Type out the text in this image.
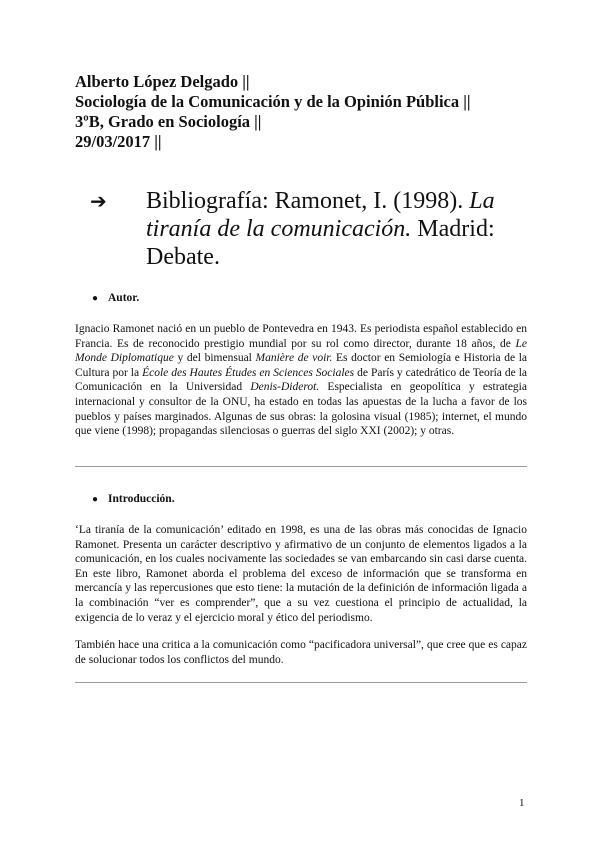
Alberto López Delgado ||
Sociología de la Comunicación y de la Opinión Pública ||
3ºB, Grado en Sociología ||
29/03/2017 ||
➔ Bibliografía: Ramonet, I. (1998). La tiranía de la comunicación. Madrid: Debate.
● Autor.
Ignacio Ramonet nació en un pueblo de Pontevedra en 1943. Es periodista español establecido en Francia. Es de reconocido prestigio mundial por su rol como director, durante 18 años, de Le Monde Diplomatique y del bimensual Manière de voir. Es doctor en Semiología e Historia de la Cultura por la École des Hautes Études en Sciences Sociales de París y catedrático de Teoría de la Comunicación en la Universidad Denis-Diderot. Especialista en geopolítica y estrategia internacional y consultor de la ONU, ha estado en todas las apuestas de la lucha a favor de los pueblos y países marginados. Algunas de sus obras: la golosina visual (1985); internet, el mundo que viene (1998); propagandas silenciosas o guerras del siglo XXI (2002); y otras.
● Introducción.
‘La tiranía de la comunicación’ editado en 1998, es una de las obras más conocidas de Ignacio Ramonet. Presenta un carácter descriptivo y afirmativo de un conjunto de elementos ligados a la comunicación, en los cuales nocivamente las sociedades se van embarcando sin casi darse cuenta. En este libro, Ramonet aborda el problema del exceso de información que se transforma en mercancía y las repercusiones que esto tiene: la mutación de la definición de información ligada a la combinación “ver es comprender”, que a su vez cuestiona el principio de actualidad, la exigencia de lo veraz y el ejercicio moral y ético del periodismo.
También hace una critica a la comunicación como “pacificadora universal”, que cree que es capaz de solucionar todos los conflictos del mundo.
1
